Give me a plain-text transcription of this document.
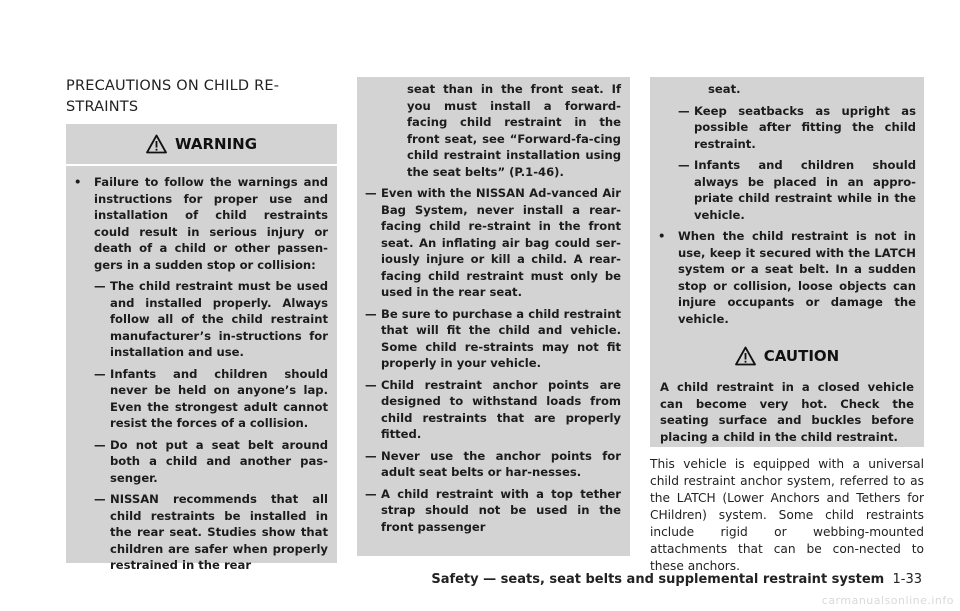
PRECAUTIONS ON CHILD RE-
STRAINTS
WARNING
•	Failure to follow the warnings and instructions for proper use and installation of child restraints could result in serious injury or death of a child or other passen-gers in a sudden stop or collision:
— The child restraint must be used and installed properly. Always follow all of the child restraint manufacturer’s in-structions for installation and use.
— Infants and children should never be held on anyone’s lap. Even the strongest adult cannot resist the forces of a collision.
— Do not put a seat belt around both a child and another pas-senger.
— NISSAN recommends that all child restraints be installed in the rear seat. Studies show that children are safer when properly restrained in the rear
seat than in the front seat. If you must install a forward-facing child restraint in the front seat, see “Forward-fa-cing child restraint installation using the seat belts” (P.1-46).
— Even with the NISSAN Ad-vanced Air Bag System, never install a rear-facing child re-straint in the front seat. An inflating air bag could ser-iously injure or kill a child. A rear-facing child restraint must only be used in the rear seat.
— Be sure to purchase a child restraint that will fit the child and vehicle. Some child re-straints may not fit properly in your vehicle.
— Child restraint anchor points are designed to withstand loads from child restraints that are properly fitted.
— Never use the anchor points for adult seat belts or har-nesses.
— A child restraint with a top tether strap should not be used in the front passenger
seat.
— Keep seatbacks as upright as possible after fitting the child restraint.
— Infants and children should always be placed in an appro-priate child restraint while in the vehicle.
•	When the child restraint is not in use, keep it secured with the LATCH system or a seat belt. In a sudden stop or collision, loose objects can injure occupants or damage the vehicle.
CAUTION
A child restraint in a closed vehicle can become very hot. Check the seating surface and buckles before placing a child in the child restraint.
This vehicle is equipped with a universal child restraint anchor system, referred to as the LATCH (Lower Anchors and Tethers for CHildren) system. Some child restraints include rigid or webbing-mounted attachments that can be con-nected to these anchors.
Safety — seats, seat belts and supplemental restraint system 1-33
carmanualsonline.info
